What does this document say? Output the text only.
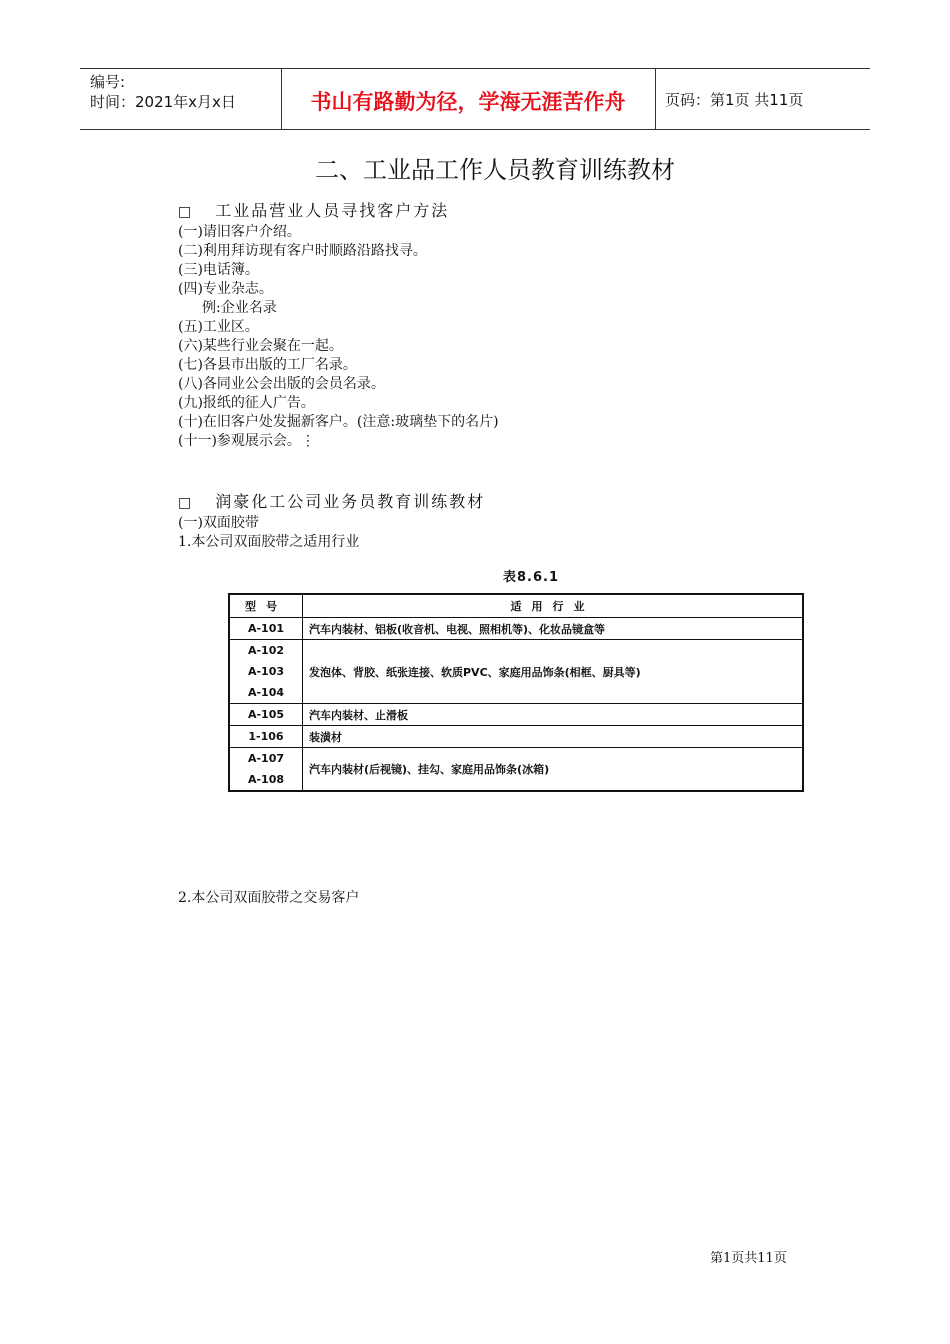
编号:
时间：2021年x月x日	书山有路勤为径，学海无涯苦作舟	页码：第1页 共11页
二、工业品工作人员教育训练教材
□ 工业品营业人员寻找客户方法
(一)请旧客户介绍。
(二)利用拜访现有客户时顺路沿路找寻。
(三)电话簿。
(四)专业杂志。
例:企业名录
(五)工业区。
(六)某些行业会聚在一起。
(七)各县市出版的工厂名录。
(八)各同业公会出版的会员名录。
(九)报纸的征人广告。
(十)在旧客户处发掘新客户。(注意:玻璃垫下的名片)
(十一)参观展示会。⋮
□ 润豪化工公司业务员教育训练教材
(一)双面胶带
1.本公司双面胶带之适用行业
表8.6.1
型号	适用行业

A-101	汽车内装材、铝板(收音机、电视、照相机等)、化妆品镜盒等

A-102
A-103
A-104	发泡体、背胶、纸张连接、软质PVC、家庭用品饰条(相框、厨具等)

A-105	汽车内装材、止滑板

1-106	装潢材

A-107
A-108	汽车内装材(后视镜)、挂勾、家庭用品饰条(冰箱)
2.本公司双面胶带之交易客户
第1页共11页
